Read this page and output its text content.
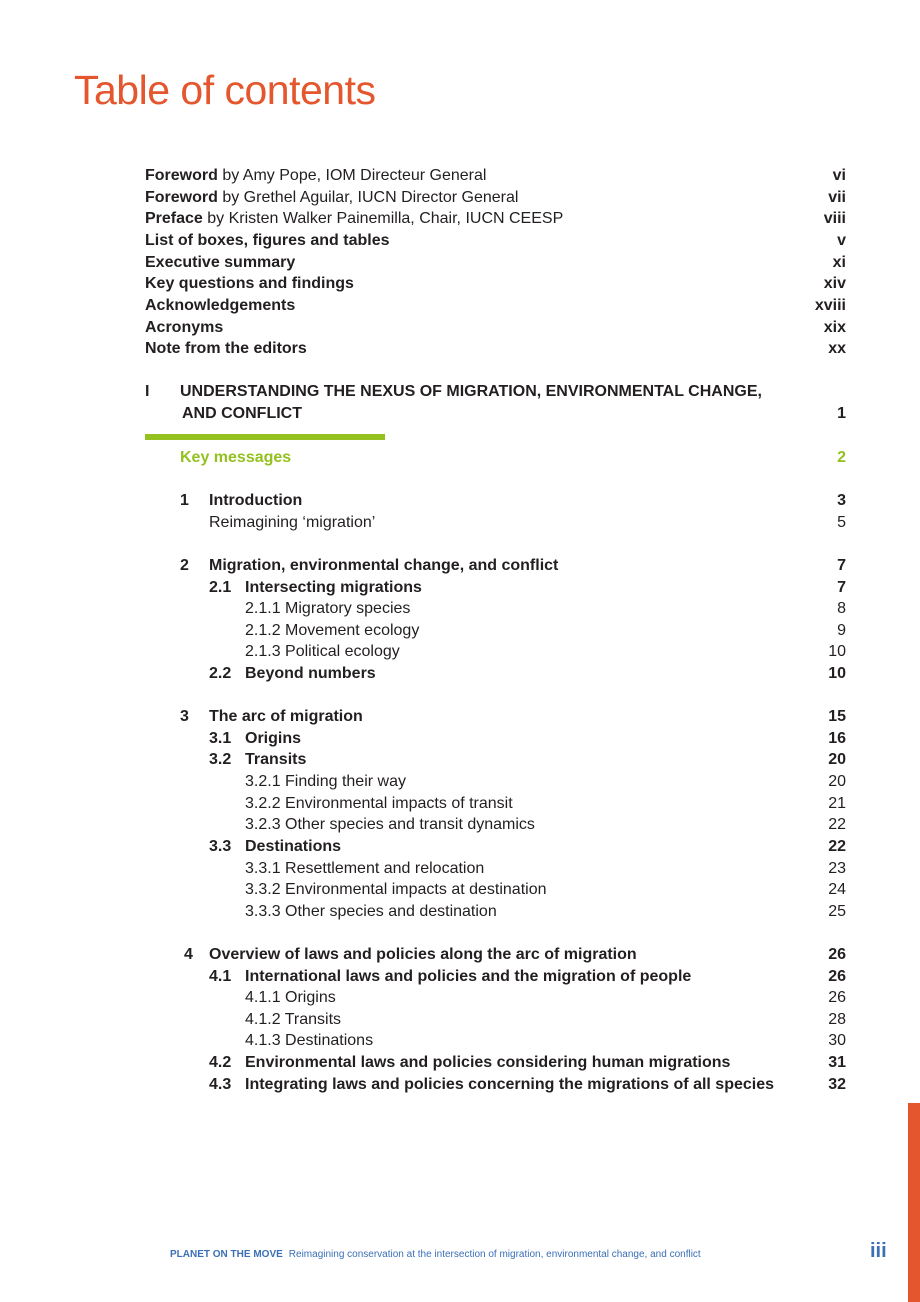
Table of contents
Foreword by Amy Pope, IOM Directeur General	vi
Foreword by Grethel Aguilar, IUCN Director General	vii
Preface by Kristen Walker Painemilla, Chair, IUCN CEESP	viii
List of boxes, figures and tables	v
Executive summary	xi
Key questions and findings	xiv
Acknowledgements	xviii
Acronyms	xix
Note from the editors	xx
I UNDERSTANDING THE NEXUS OF MIGRATION, ENVIRONMENTAL CHANGE,
AND CONFLICT	1
Key messages	2
1 Introduction	3
Reimagining ‘migration’	5
2 Migration, environmental change, and conflict	7
2.1 Intersecting migrations	7
2.1.1 Migratory species	8
2.1.2 Movement ecology	9
2.1.3 Political ecology	10
2.2 Beyond numbers	10
3 The arc of migration	15
3.1 Origins	16
3.2 Transits	20
3.2.1 Finding their way	20
3.2.2 Environmental impacts of transit	21
3.2.3 Other species and transit dynamics	22
3.3 Destinations	22
3.3.1 Resettlement and relocation	23
3.3.2 Environmental impacts at destination	24
3.3.3 Other species and destination	25
4 Overview of laws and policies along the arc of migration	26
4.1 International laws and policies and the migration of people	26
4.1.1 Origins	26
4.1.2 Transits	28
4.1.3 Destinations	30
4.2 Environmental laws and policies considering human migrations	31
4.3 Integrating laws and policies concerning the migrations of all species	32
PLANET ON THE MOVE Reimagining conservation at the intersection of migration, environmental change, and conflict	iii
